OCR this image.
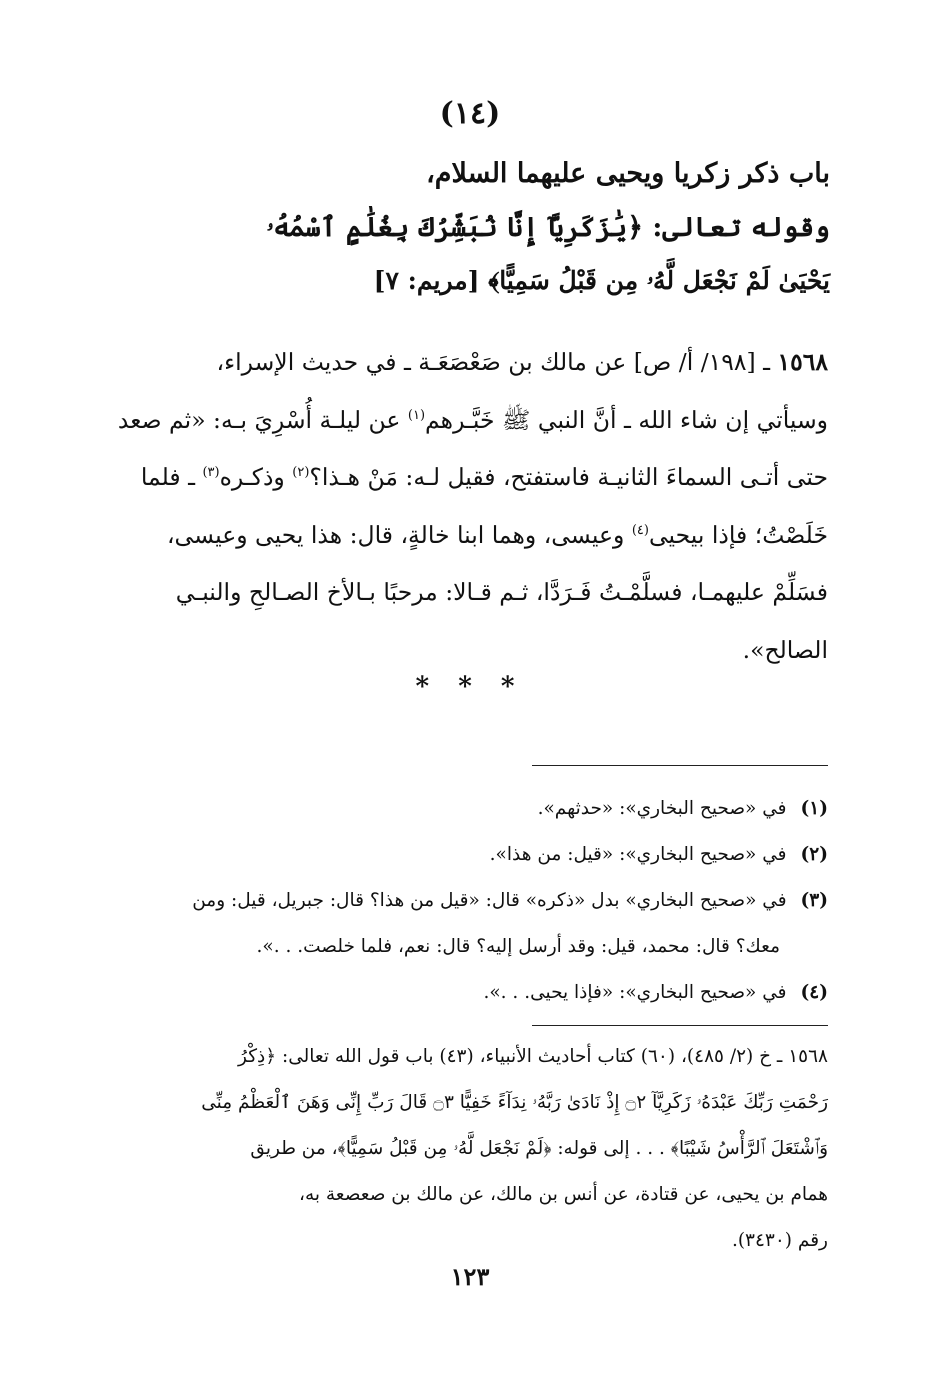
(١٤)
باب ذكر زكريا ويحيى عليهما السلام،
وقوله تعالى: ﴿يَٰزَكَرِيَّآ إِنَّا نُبَشِّرُكَ بِغُلَٰمٍ ٱسْمُهُۥ
يَحْيَىٰ لَمْ نَجْعَل لَّهُۥ مِن قَبْلُ سَمِيًّا﴾ [مريم: ٧]
١٥٦٨ ـ [١٩٨/ أ/ ص] عن مالك بن صَعْصَعَـة ـ في حديث الإسراء،
وسيأتي إن شاء الله ـ أنَّ النبي ﷺ خَبَّـرهم$^{(١)}$ عن ليلـة أُسْرِيَ بـه: «ثم صعد
حتى أتـى السماءَ الثانيـة فاستفتح، فقيل لـه: مَنْ هـذا؟$^{(٢)}$ وذكـره$^{(٣)}$ ـ فلما
خَلَصْتُ؛ فإذا بيحيى$^{(٤)}$ وعيسى، وهما ابنا خالةٍ، قال: هذا يحيى وعيسى،
فسَلِّمْ عليهمـا، فسلَّمْـتُ فَـرَدَّا، ثـم قـالا: مرحبًا بـالأخ الصـالحِ والنبـي
الصالح».
* * *
(١)في «صحيح البخاري»: «حدثهم».
(٢)في «صحيح البخاري»: «قيل: من هذا».
(٣)في «صحيح البخاري» بدل «ذكره» قال: «قيل من هذا؟ قال: جبريل، قيل: ومن
معك؟ قال: محمد، قيل: وقد أرسل إليه؟ قال: نعم، فلما خلصت. . .».
(٤)في «صحيح البخاري»: «فإذا يحيى. . .».
١٥٦٨ ـ خ (٢/ ٤٨٥)، (٦٠) كتاب أحاديث الأنبياء، (٤٣) باب قول الله تعالى: ﴿ذِكْرُ
رَحْمَتِ رَبِّكَ عَبْدَهُۥ زَكَرِيَّآ ۝٢ إِذْ نَادَىٰ رَبَّهُۥ نِدَآءً خَفِيًّا ۝٣ قَالَ رَبِّ إِنِّى وَهَنَ ٱلْعَظْمُ مِنِّى
وَٱشْتَعَلَ ٱلرَّأْسُ شَيْبًا﴾ . . . إلى قوله: ﴿لَمْ نَجْعَل لَّهُۥ مِن قَبْلُ سَمِيًّا﴾، من طريق
همام بن يحيى، عن قتادة، عن أنس بن مالك، عن مالك بن صعصعة به،
رقم (٣٤٣٠).
١٢٣
